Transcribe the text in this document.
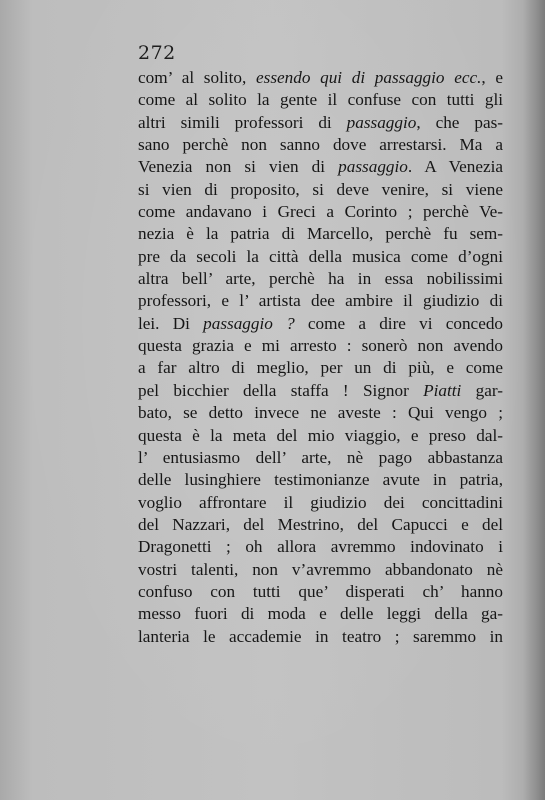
272

com’ al solito, essendo qui di passaggio ecc., e
come al solito la gente il confuse con tutti gli
altri simili professori di passaggio, che pas-
sano perchè non sanno dove arrestarsi. Ma a
Venezia non si vien di passaggio. A Venezia
si vien di proposito, si deve venire, si viene
come andavano i Greci a Corinto ; perchè Ve-
nezia è la patria di Marcello, perchè fu sem-
pre da secoli la città della musica come d’ogni
altra bell’ arte, perchè ha in essa nobilissimi
professori, e l’ artista dee ambire il giudizio di
lei. Di passaggio ? come a dire vi concedo
questa grazia e mi arresto : sonerò non avendo
a far altro di meglio, per un di più, e come
pel bicchier della staffa ! Signor Piatti gar-
bato, se detto invece ne aveste : Qui vengo ;
questa è la meta del mio viaggio, e preso dal-
l’ entusiasmo dell’ arte, nè pago abbastanza
delle lusinghiere testimonianze avute in patria,
voglio affrontare il giudizio dei concittadini
del Nazzari, del Mestrino, del Capucci e del
Dragonetti ; oh allora avremmo indovinato i
vostri talenti, non v’avremmo abbandonato nè
confuso con tutti que’ disperati ch’ hanno
messo fuori di moda e delle leggi della ga-
lanteria le accademie in teatro ; saremmo in
